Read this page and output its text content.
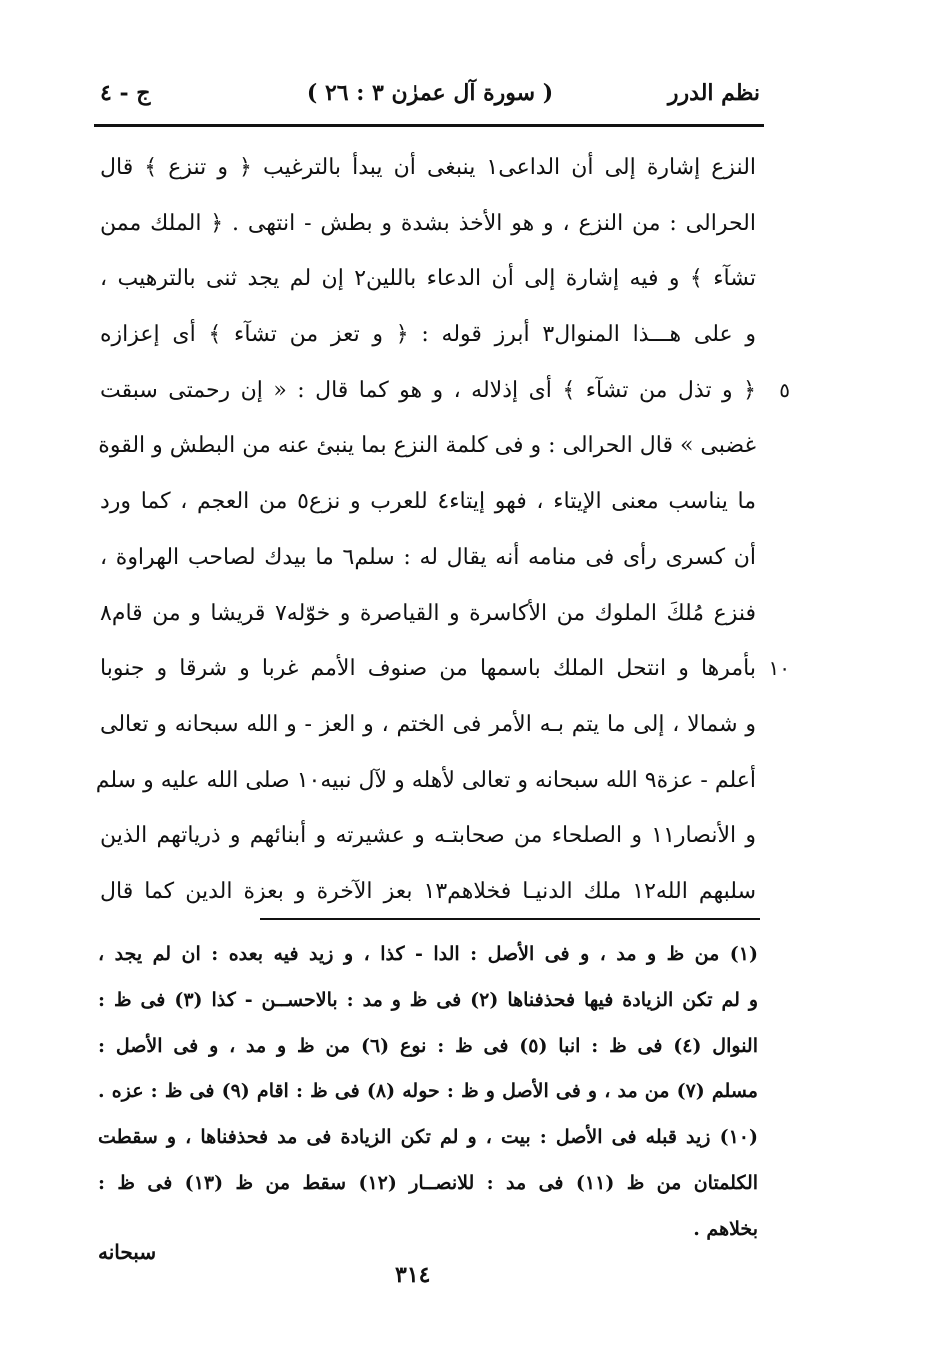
نظم الدرر
( سورة آل عمرٰن ٣ : ٢٦ )
ج - ٤
النزع إشارة إلى أن الداعى١ ينبغى أن يبدأ بالترغيب ﴿ و تنزع ﴾ قال
الحرالى : من النزع ، و هو الأخذ بشدة و بطش - انتهى . ﴿ الملك ممن
تشآء ﴾ و فيه إشارة إلى أن الدعاء باللين٢ إن لم يجد ثنى بالترهيب ،
و على هـــذا المنوال٣ أبرز قوله : ﴿ و تعز من تشآء ﴾ أى إعزازه
﴿ و تذل من تشآء ﴾ أى إذلاله ، و هو كما قال : « إن رحمتى سبقت ٥
غضبى » قال الحرالى : و فى كلمة النزع بما ينبئ عنه من البطش و القوة
ما يناسب معنى الإيتاء ، فهو إيتاء٤ للعرب و نزع٥ من العجم ، كما ورد
أن كسرى رأى فى منامه أنه يقال له : سلم٦ ما بيدك لصاحب الهراوة ،
فنزع مُلكَ الملوك من الأكاسرة و القياصرة و خوّله٧ قريشا و من قام٨
بأمرها و انتحل الملك باسمها من صنوف الأمم غربا و شرقا و جنوبا ١٠
و شمالا ، إلى ما يتم بـه الأمر فى الختم ، و العز - و الله سبحانه و تعالى
أعلم - عزة٩ الله سبحانه و تعالى لأهله و لآل نبيه١٠ صلى الله عليه و سلم
و الأنصار١١ و الصلحاء من صحابتـه و عشيرته و أبنائهم و ذرياتهم الذين
سلبهم الله١٢ ملك الدنيـا فخلاهم١٣ بعز الآخرة و بعزة الدين كما قال
(١) من ظ و مد ، و فى الأصل : الدا - كذا ، و زيد فيه بعده : ان لم يجد ،
و لم تكن الزيادة فيها فحذفناها (٢) فى ظ و مد : بالاحســن - كذا (٣) فى ظ :
النوال (٤) فى ظ : انبا (٥) فى ظ : نوع (٦) من ظ و مد ، و فى الأصل :
مسلم (٧) من مد ، و فى الأصل و ظ : حوله (٨) فى ظ : اقام (٩) فى ظ : عزه .
(١٠) زيد قبله فى الأصل : بيت ، و لم تكن الزيادة فى مد فحذفناها ، و سقطت
الكلمتان من ظ (١١) فى مد : للانصــار (١٢) سقط من ظ (١٣) فى ظ :
بخلاهم .
٣١٤
سبحانه
